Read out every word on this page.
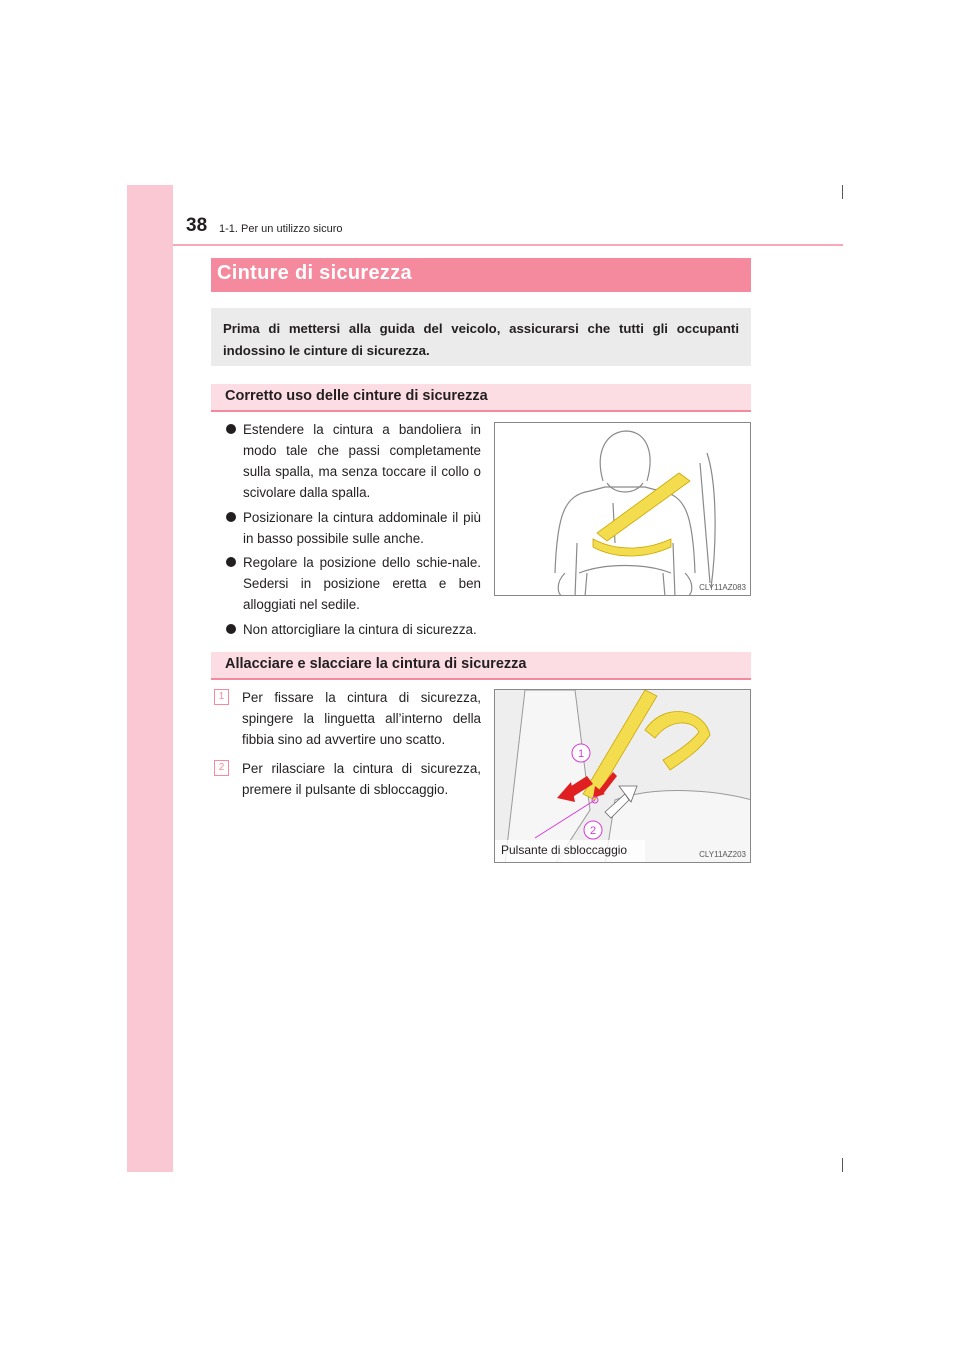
38 1-1. Per un utilizzo sicuro
Cinture di sicurezza
Prima di mettersi alla guida del veicolo, assicurarsi che tutti gli occupanti indossino le cinture di sicurezza.
Corretto uso delle cinture di sicurezza
Estendere la cintura a bandoliera in modo tale che passi completamente sulla spalla, ma senza toccare il collo o scivolare dalla spalla.
Posizionare la cintura addominale il più in basso possibile sulle anche.
Regolare la posizione dello schie-nale. Sedersi in posizione eretta e ben alloggiati nel sedile.
Non attorcigliare la cintura di sicurezza.
CLY11AZ083
Allacciare e slacciare la cintura di sicurezza
1	Per fissare la cintura di sicurezza, spingere la linguetta all’interno della fibbia sino ad avvertire uno scatto.
2	Per rilasciare la cintura di sicurezza, premere il pulsante di sbloccaggio.
1
2
Pulsante di sbloccaggio	CLY11AZ203
